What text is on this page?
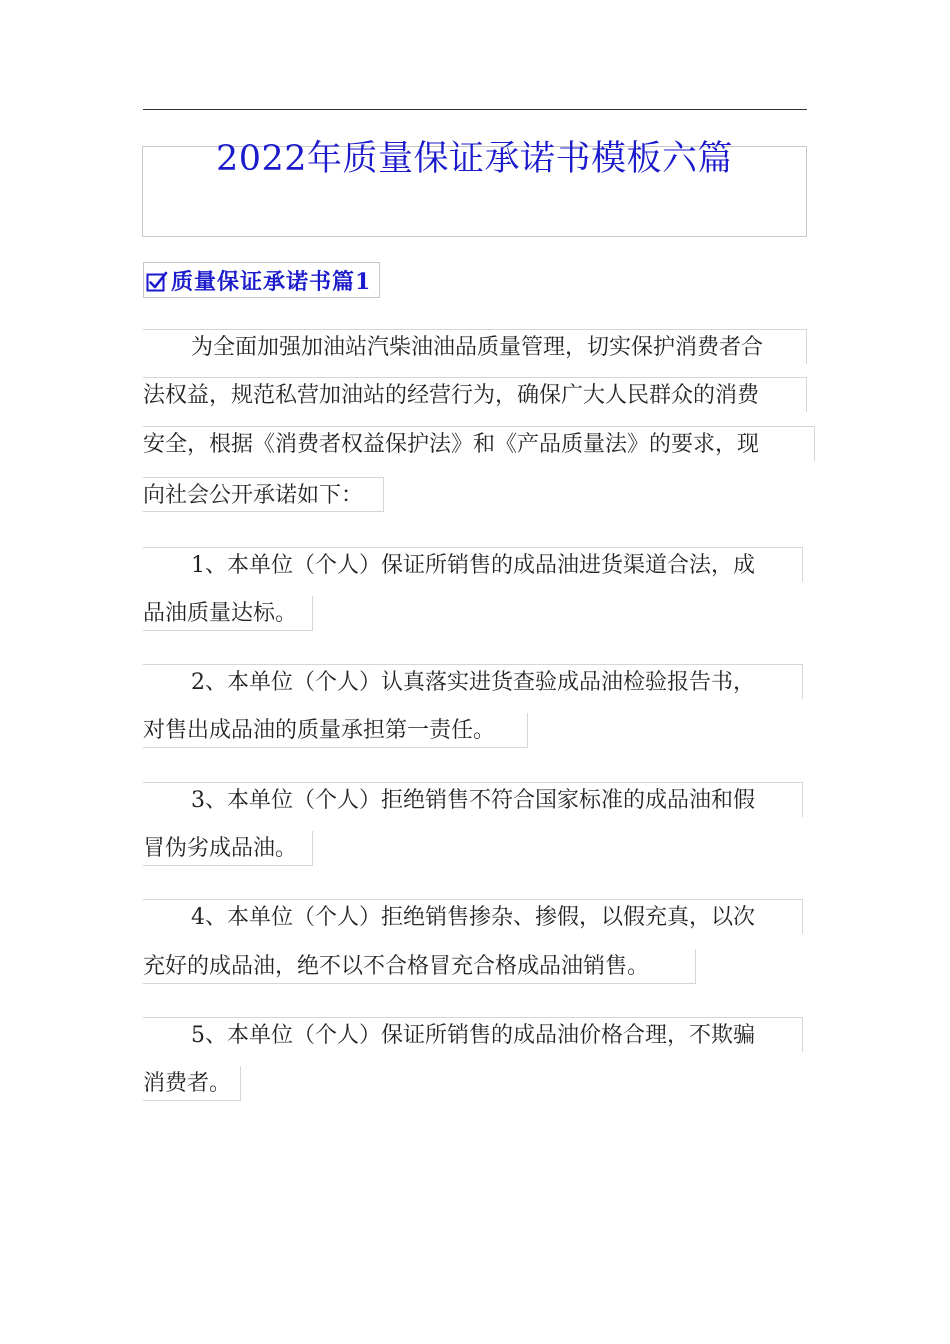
2022年质量保证承诺书模板六篇
质量保证承诺书篇1
为全面加强加油站汽柴油油品质量管理，切实保护消费者合
法权益，规范私营加油站的经营行为，确保广大人民群众的消费
安全，根据《消费者权益保护法》和《产品质量法》的要求，现
向社会公开承诺如下：
1、本单位（个人）保证所销售的成品油进货渠道合法，成
品油质量达标。
2、本单位（个人）认真落实进货查验成品油检验报告书，
对售出成品油的质量承担第一责任。
3、本单位（个人）拒绝销售不符合国家标准的成品油和假
冒伪劣成品油。
4、本单位（个人）拒绝销售掺杂、掺假，以假充真，以次
充好的成品油，绝不以不合格冒充合格成品油销售。
5、本单位（个人）保证所销售的成品油价格合理，不欺骗
消费者。
